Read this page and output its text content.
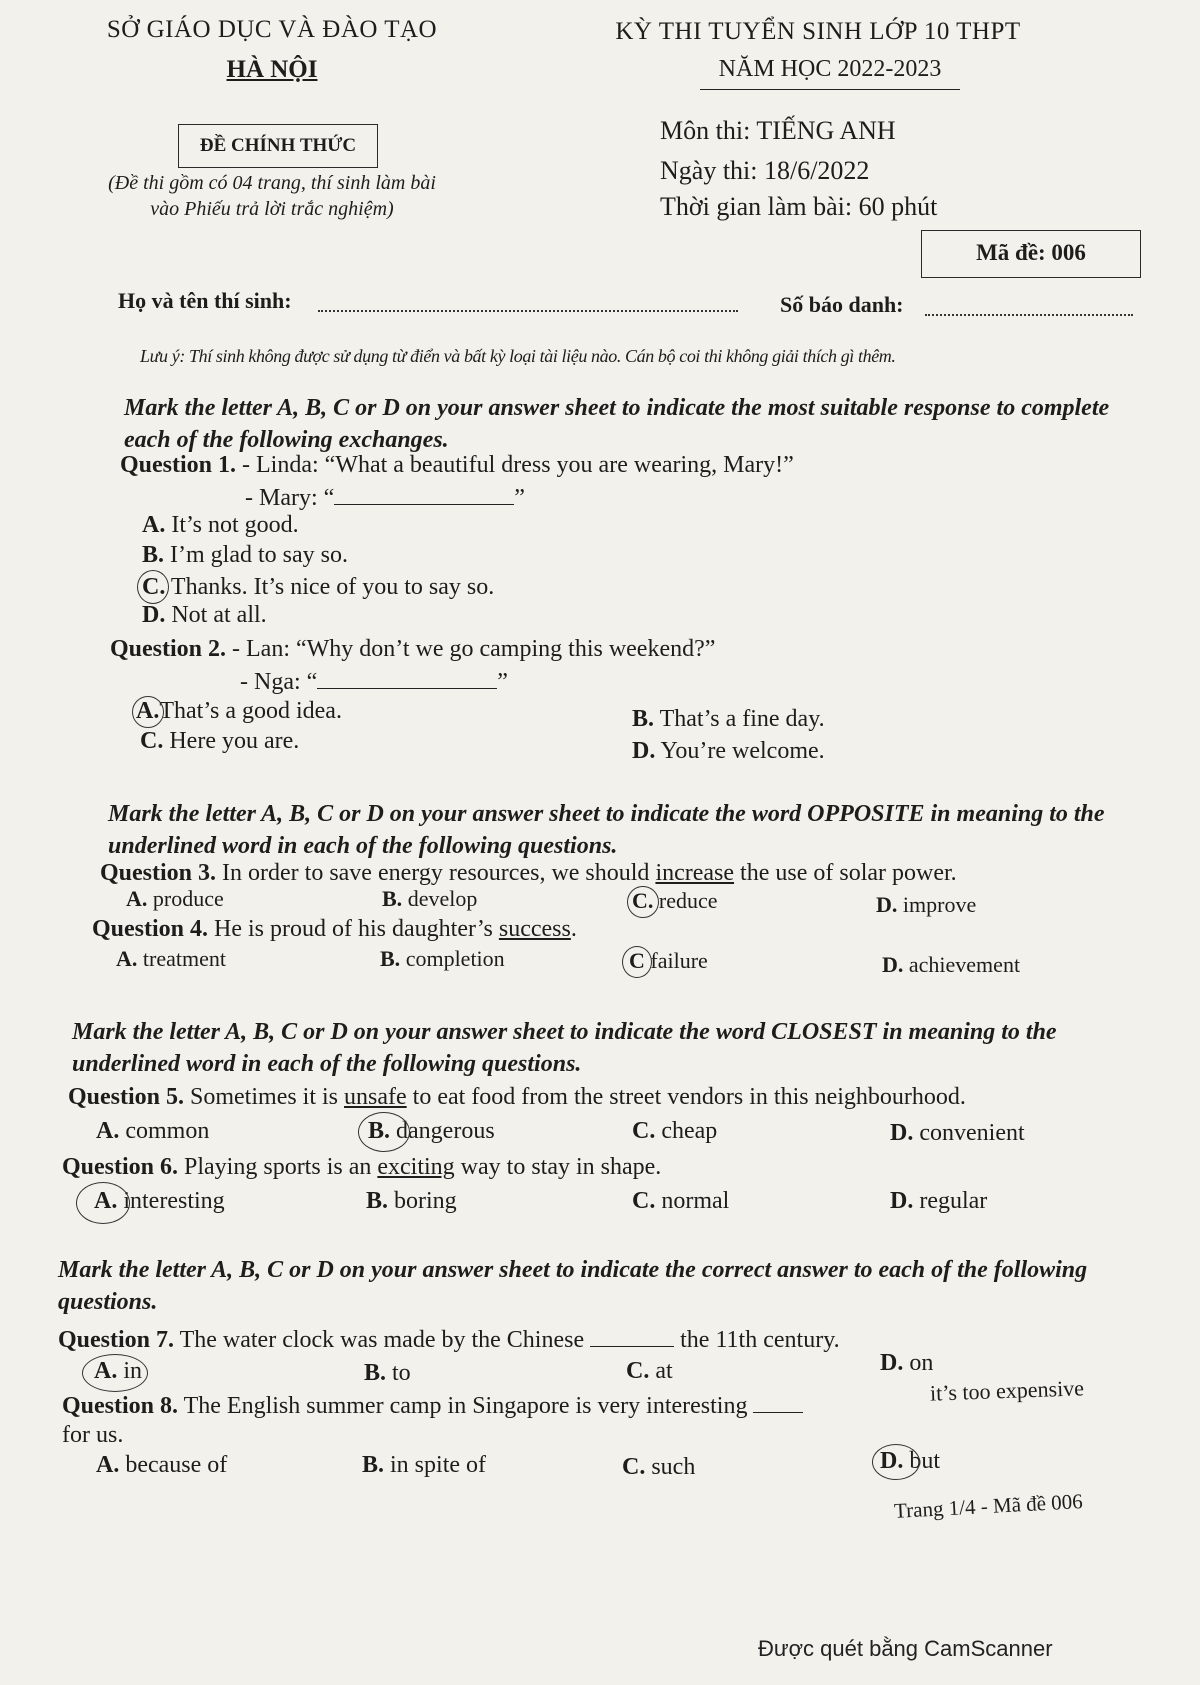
SỞ GIÁO DỤC VÀ ĐÀO TẠO
HÀ NỘI
KỲ THI TUYỂN SINH LỚP 10 THPT
NĂM HỌC 2022-2023
ĐỀ CHÍNH THỨC
(Đề thi gồm có 04 trang, thí sinh làm bài
vào Phiếu trả lời trắc nghiệm)
Môn thi: TIẾNG ANH
Ngày thi: 18/6/2022
Thời gian làm bài: 60 phút
Mã đề: 006
Họ và tên thí sinh:	Số báo danh:
Lưu ý: Thí sinh không được sử dụng từ điển và bất kỳ loại tài liệu nào. Cán bộ coi thi không giải thích gì thêm.
Mark the letter A, B, C or D on your answer sheet to indicate the most suitable response to complete each of the following exchanges.
Question 1. - Linda: “What a beautiful dress you are wearing, Mary!”
- Mary: “	”
A. It’s not good.
B. I’m glad to say so.
C. Thanks. It’s nice of you to say so.
D. Not at all.
Question 2. - Lan: “Why don’t we go camping this weekend?”
- Nga: “	”
A.That’s a good idea.	B. That’s a fine day.
C. Here you are.	D. You’re welcome.
Mark the letter A, B, C or D on your answer sheet to indicate the word OPPOSITE in meaning to the underlined word in each of the following questions.
Question 3. In order to save energy resources, we should increase the use of solar power.
A. produce	B. develop	C. reduce	D. improve
Question 4. He is proud of his daughter’s success.
A. treatment	B. completion	C failure	D. achievement
Mark the letter A, B, C or D on your answer sheet to indicate the word CLOSEST in meaning to the underlined word in each of the following questions.
Question 5. Sometimes it is unsafe to eat food from the street vendors in this neighbourhood.
A. common	B. dangerous	C. cheap	D. convenient
Question 6. Playing sports is an exciting way to stay in shape.
A. interesting	B. boring	C. normal	D. regular
Mark the letter A, B, C or D on your answer sheet to indicate the correct answer to each of the following questions.
Question 7. The water clock was made by the Chinese	the 11th century.
A. in	B. to	C. at	D. on
Question 8. The English summer camp in Singapore is very interesting
it’s too expensive
for us.
A. because of	B. in spite of	C. such	D. but
Trang 1/4 - Mã đề 006
Được quét bằng CamScanner
